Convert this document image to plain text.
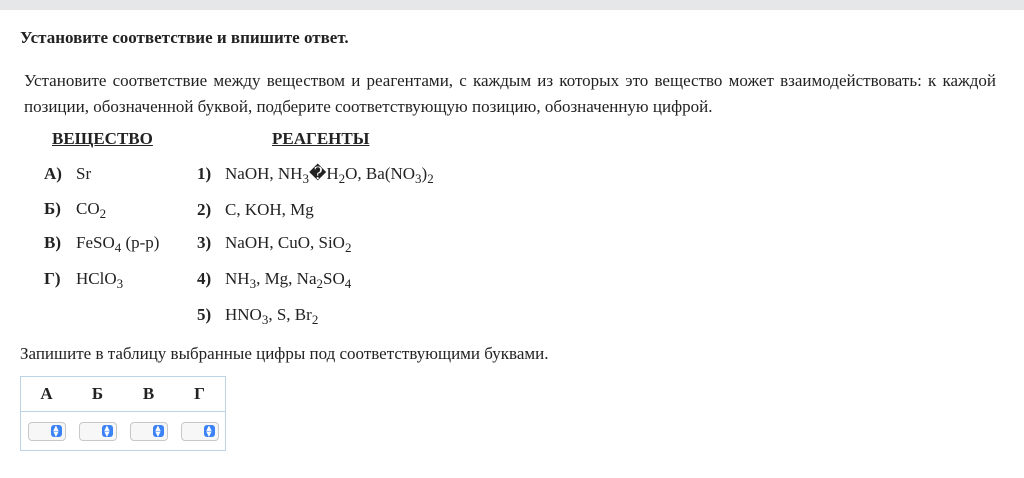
Установите соответствие и впишите ответ.
Установите соответствие между веществом и реагентами, с каждым из которых это вещество может взаимодействовать: к каждой позиции, обозначенной буквой, подберите соответствующую позицию, обозначенную цифрой.
ВЕЩЕСТВО	РЕАГЕНТЫ
А) Sr
Б) $CO_2$
В) FeSO$_4$ (р-р)
Г) HClO$_3$
1) NaOH, $NH_3�H_2O$, $Ba(NO_3)_2$
2) C, KOH, Mg
3) NaOH, CuO, SiO$_2$
4) $NH_3$, Mg, $Na_2SO_4$
5) $HNO_3$, S, $Br_2$
Запишите в таблицу выбранные цифры под соответствующими буквами.
А	Б	В	Г

▲
▼	▲
▼	▲
▼	▲
▼
